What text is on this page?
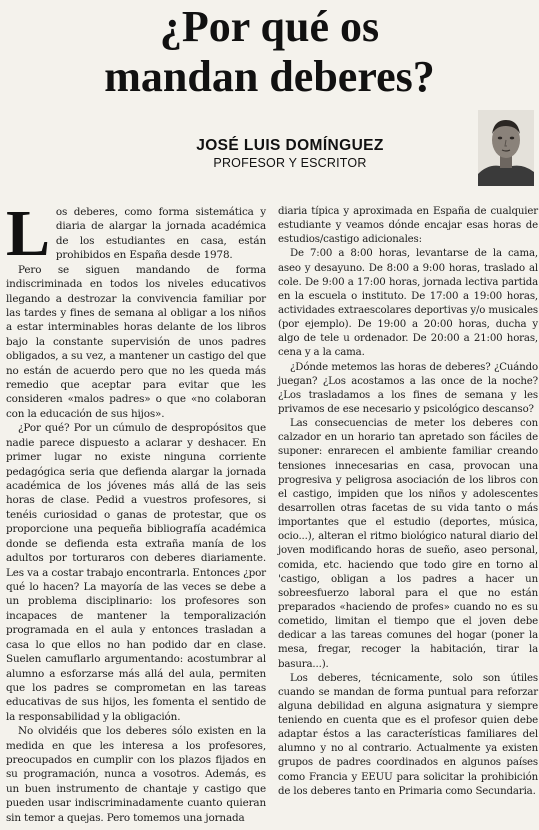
¿Por qué os
mandan deberes?
JOSÉ LUIS DOMÍNGUEZ
PROFESOR Y ESCRITOR

Los deberes, como forma sistemática y diaria de alargar la jornada académica de los estudiantes en casa, están prohibidos en España desde 1978.

Pero se siguen mandando de forma indiscriminada en todos los niveles educativos llegando a destrozar la convivencia familiar por las tardes y fines de semana al obligar a los niños a estar interminables horas delante de los libros bajo la constante supervisión de unos padres obligados, a su vez, a mantener un castigo del que no están de acuerdo pero que no les queda más remedio que aceptar para evitar que les consideren «malos padres» o que «no colaboran con la educación de sus hijos».

¿Por qué? Por un cúmulo de despropósitos que nadie parece dispuesto a aclarar y deshacer. En primer lugar no existe ninguna corriente pedagógica seria que defienda alargar la jornada académica de los jóvenes más allá de las seis horas de clase. Pedid a vuestros profesores, si tenéis curiosidad o ganas de protestar, que os proporcione una pequeña bibliografía académica donde se defienda esta extraña manía de los adultos por torturaros con deberes diariamente. Les va a costar trabajo encontrarla. Entonces ¿por qué lo hacen? La mayoría de las veces se debe a un problema disciplinario: los profesores son incapaces de mantener la temporalización programada en el aula y entonces trasladan a casa lo que ellos no han podido dar en clase. Suelen camuflarlo argumentando: acostumbrar al alumno a esforzarse más allá del aula, permiten que los padres se comprometan en las tareas educativas de sus hijos, les fomenta el sentido de la responsabilidad y la obligación.

No olvidéis que los deberes sólo existen en la medida en que les interesa a los profesores, preocupados en cumplir con los plazos fijados en su programación, nunca a vosotros. Además, es un buen instrumento de chantaje y castigo que pueden usar indiscriminadamente cuanto quieran sin temor a quejas. Pero tomemos una jornada

diaria típica y aproximada en España de cualquier estudiante y veamos dónde encajar esas horas de estudios/castigo adicionales:

De 7:00 a 8:00 horas, levantarse de la cama, aseo y desayuno. De 8:00 a 9:00 horas, traslado al cole. De 9:00 a 17:00 horas, jornada lectiva partida en la escuela o instituto. De 17:00 a 19:00 horas, actividades extraescolares deportivas y/o musicales (por ejemplo). De 19:00 a 20:00 horas, ducha y algo de tele u ordenador. De 20:00 a 21:00 horas, cena y a la cama.

¿Dónde metemos las horas de deberes? ¿Cuándo juegan? ¿Los acostamos a las once de la noche? ¿Los trasladamos a los fines de semana y les privamos de ese necesario y psicológico descanso?

Las consecuencias de meter los deberes con calzador en un horario tan apretado son fáciles de suponer: enrarecen el ambiente familiar creando tensiones innecesarias en casa, provocan una progresiva y peligrosa asociación de los libros con el castigo, impiden que los niños y adolescentes desarrollen otras facetas de su vida tanto o más importantes que el estudio (deportes, música, ocio...), alteran el ritmo biológico natural diario del joven modificando horas de sueño, aseo personal, comida, etc. haciendo que todo gire en torno al 'castigo, obligan a los padres a hacer un sobreesfuerzo laboral para el que no están preparados «haciendo de profes» cuando no es su cometido, limitan el tiempo que el joven debe dedicar a las tareas comunes del hogar (poner la mesa, fregar, recoger la habitación, tirar la basura...).

Los deberes, técnicamente, solo son útiles cuando se mandan de forma puntual para reforzar alguna debilidad en alguna asignatura y siempre teniendo en cuenta que es el profesor quien debe adaptar éstos a las características familiares del alumno y no al contrario. Actualmente ya existen grupos de padres coordinados en algunos países como Francia y EEUU para solicitar la prohibición de los deberes tanto en Primaria como Secundaria.
